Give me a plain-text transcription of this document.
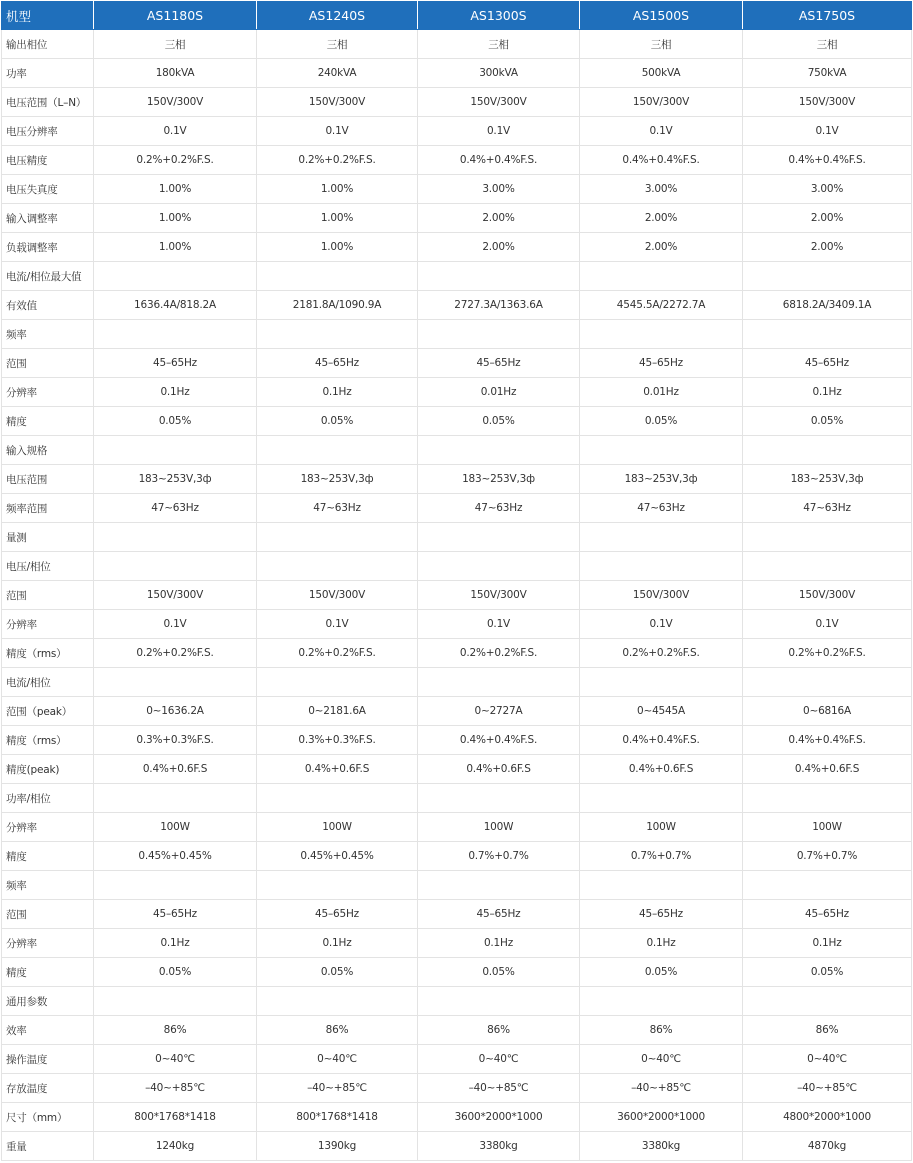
机型	AS1180S	AS1240S	AS1300S	AS1500S	AS1750S
输出相位	三相	三相	三相	三相	三相
功率	180kVA	240kVA	300kVA	500kVA	750kVA
电压范围（L–N）	150V/300V	150V/300V	150V/300V	150V/300V	150V/300V
电压分辨率	0.1V	0.1V	0.1V	0.1V	0.1V
电压精度	0.2%+0.2%F.S.	0.2%+0.2%F.S.	0.4%+0.4%F.S.	0.4%+0.4%F.S.	0.4%+0.4%F.S.
电压失真度	1.00%	1.00%	3.00%	3.00%	3.00%
输入调整率	1.00%	1.00%	2.00%	2.00%	2.00%
负载调整率	1.00%	1.00%	2.00%	2.00%	2.00%
电流/相位最大值					
有效值	1636.4A/818.2A	2181.8A/1090.9A	2727.3A/1363.6A	4545.5A/2272.7A	6818.2A/3409.1A
频率					
范围	45–65Hz	45–65Hz	45–65Hz	45–65Hz	45–65Hz
分辨率	0.1Hz	0.1Hz	0.01Hz	0.01Hz	0.1Hz
精度	0.05%	0.05%	0.05%	0.05%	0.05%
输入规格					
电压范围	183~253V,3ф	183~253V,3ф	183~253V,3ф	183~253V,3ф	183~253V,3ф
频率范围	47~63Hz	47~63Hz	47~63Hz	47~63Hz	47~63Hz
量测					
电压/相位					
范围	150V/300V	150V/300V	150V/300V	150V/300V	150V/300V
分辨率	0.1V	0.1V	0.1V	0.1V	0.1V
精度（rms）	0.2%+0.2%F.S.	0.2%+0.2%F.S.	0.2%+0.2%F.S.	0.2%+0.2%F.S.	0.2%+0.2%F.S.
电流/相位					
范围（peak）	0~1636.2A	0~2181.6A	0~2727A	0~4545A	0~6816A
精度（rms）	0.3%+0.3%F.S.	0.3%+0.3%F.S.	0.4%+0.4%F.S.	0.4%+0.4%F.S.	0.4%+0.4%F.S.
精度(peak)	0.4%+0.6F.S	0.4%+0.6F.S	0.4%+0.6F.S	0.4%+0.6F.S	0.4%+0.6F.S
功率/相位					
分辨率	100W	100W	100W	100W	100W
精度	0.45%+0.45%	0.45%+0.45%	0.7%+0.7%	0.7%+0.7%	0.7%+0.7%
频率					
范围	45–65Hz	45–65Hz	45–65Hz	45–65Hz	45–65Hz
分辨率	0.1Hz	0.1Hz	0.1Hz	0.1Hz	0.1Hz
精度	0.05%	0.05%	0.05%	0.05%	0.05%
通用参数					
效率	86%	86%	86%	86%	86%
操作温度	0~40℃	0~40℃	0~40℃	0~40℃	0~40℃
存放温度	–40~+85℃	–40~+85℃	–40~+85℃	–40~+85℃	–40~+85℃
尺寸（mm）	800*1768*1418	800*1768*1418	3600*2000*1000	3600*2000*1000	4800*2000*1000
重量	1240kg	1390kg	3380kg	3380kg	4870kg
